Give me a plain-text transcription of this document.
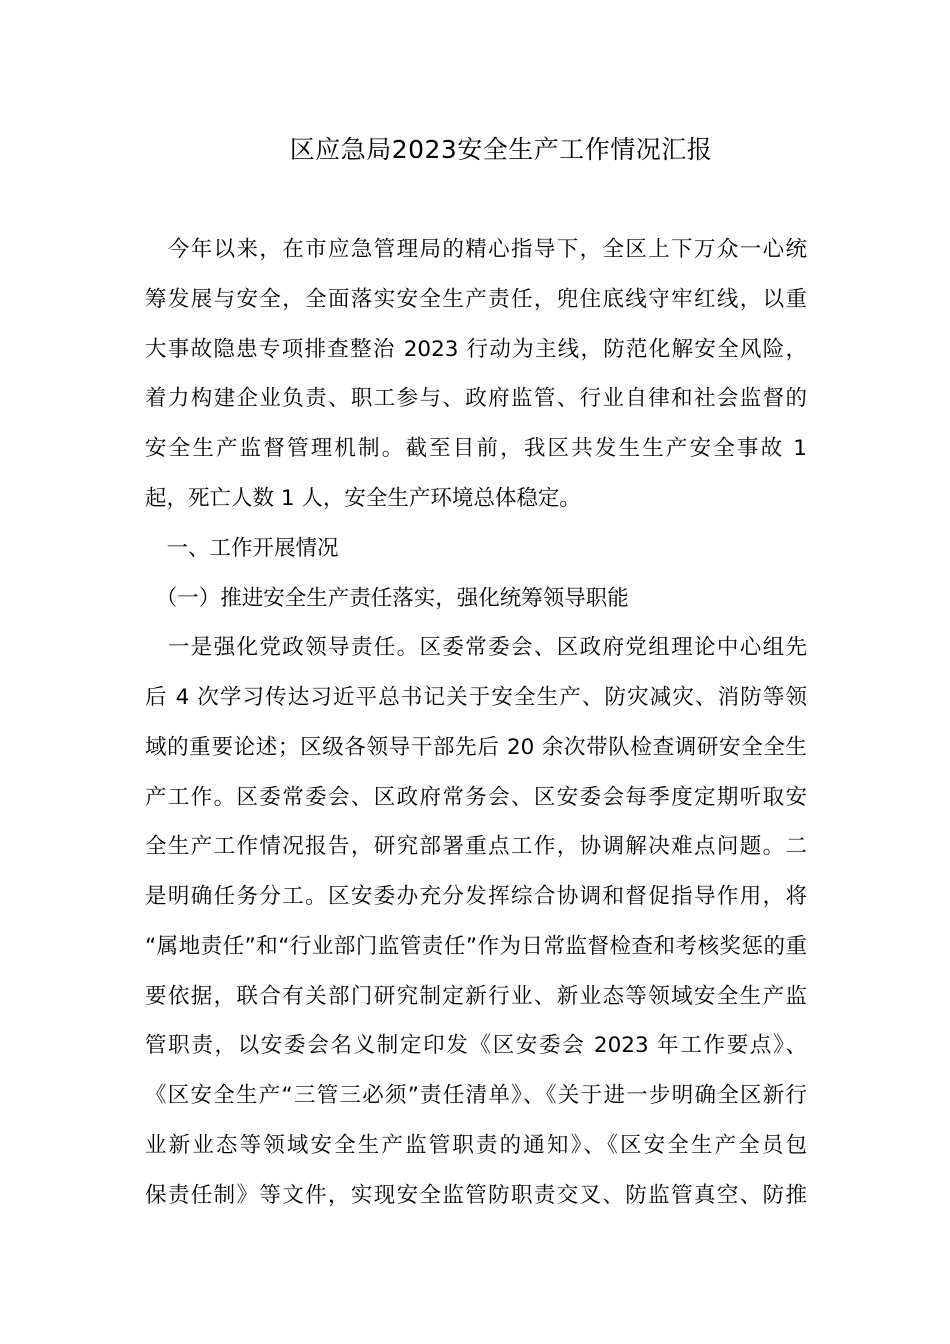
区应急局2023安全生产工作情况汇报
　今年以来，在市应急管理局的精心指导下，全区上下万众一心统
筹发展与安全，全面落实安全生产责任，兜住底线守牢红线，以重
大事故隐患专项排查整治 2023 行动为主线，防范化解安全风险，
着力构建企业负责、职工参与、政府监管、行业自律和社会监督的
安全生产监督管理机制。截至目前，我区共发生生产安全事故 1
起，死亡人数 1 人，安全生产环境总体稳定。
　一、工作开展情况
　（一）推进安全生产责任落实，强化统筹领导职能
　一是强化党政领导责任。区委常委会、区政府党组理论中心组先
后 4 次学习传达习近平总书记关于安全生产、防灾减灾、消防等领
域的重要论述；区级各领导干部先后 20 余次带队检查调研安全全生
产工作。区委常委会、区政府常务会、区安委会每季度定期听取安
全生产工作情况报告，研究部署重点工作，协调解决难点问题。二
是明确任务分工。区安委办充分发挥综合协调和督促指导作用，将
“属地责任”和“行业部门监管责任”作为日常监督检查和考核奖惩的重
要依据，联合有关部门研究制定新行业、新业态等领域安全生产监
管职责，以安委会名义制定印发《区安委会 2023 年工作要点》、
《区安全生产“三管三必须”责任清单》、《关于进一步明确全区新行
业新业态等领域安全生产监管职责的通知》、《区安全生产全员包
保责任制》等文件，实现安全监管防职责交叉、防监管真空、防推
